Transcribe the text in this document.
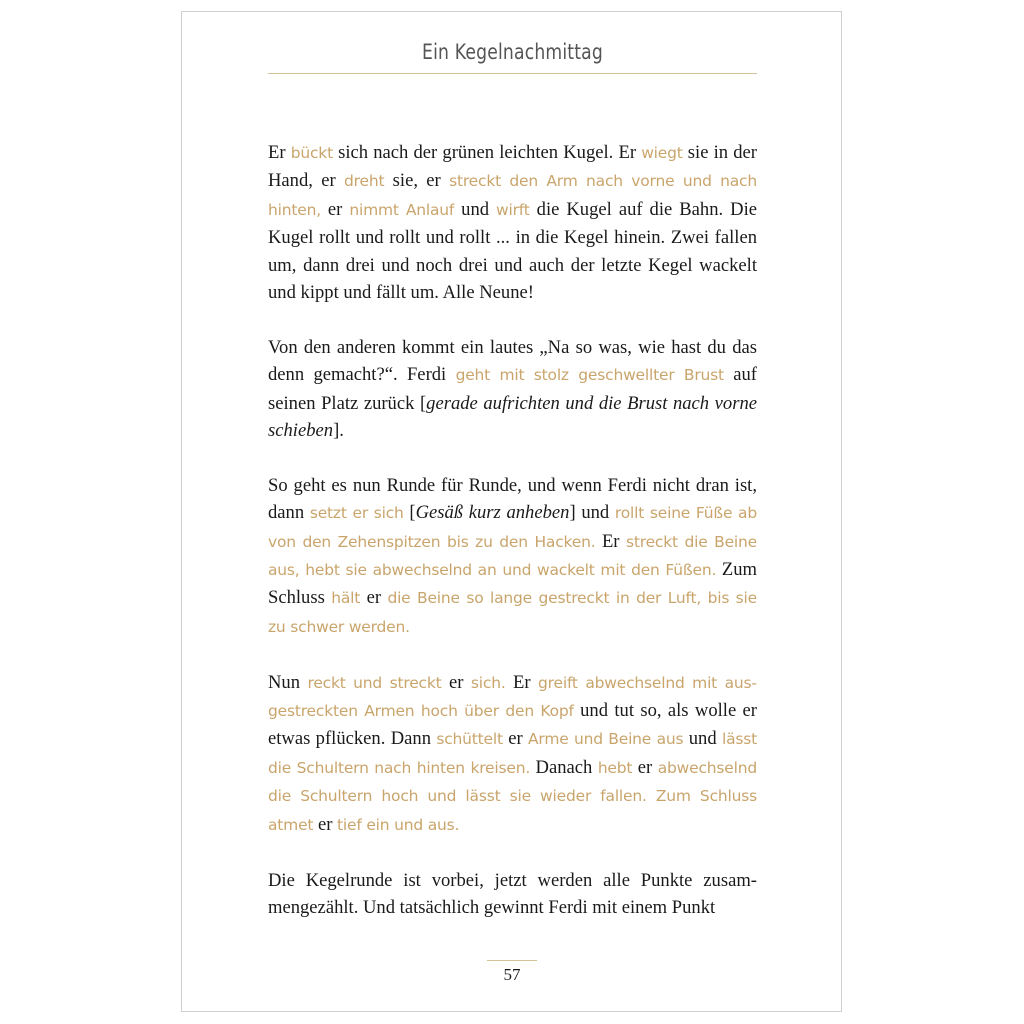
Ein Kegelnachmittag

Er bückt sich nach der grünen leichten Kugel. Er wiegt sie in der Hand, er dreht sie, er streckt den Arm nach vorne und nach hinten, er nimmt Anlauf und wirft die Kugel auf die Bahn. Die Kugel rollt und rollt und rollt ... in die Kegel hinein. Zwei fallen um, dann drei und noch drei und auch der letzte Kegel wackelt und kippt und fällt um. Alle Neune!

Von den anderen kommt ein lautes „Na so was, wie hast du das denn gemacht?“. Ferdi geht mit stolz geschwellter Brust auf seinen Platz zurück [gerade aufrichten und die Brust nach vorne schieben].

So geht es nun Runde für Runde, und wenn Ferdi nicht dran ist, dann setzt er sich [Gesäß kurz anheben] und rollt seine Füße ab von den Zehenspitzen bis zu den Hacken. Er streckt die Beine aus, hebt sie abwechselnd an und wackelt mit den Füßen. Zum Schluss hält er die Beine so lange gestreckt in der Luft, bis sie zu schwer werden.

Nun reckt und streckt er sich. Er greift abwechselnd mit ausgestreckten Armen hoch über den Kopf und tut so, als wolle er etwas pflücken. Dann schüttelt er Arme und Beine aus und lässt die Schultern nach hinten kreisen. Danach hebt er abwechselnd die Schultern hoch und lässt sie wieder fallen. Zum Schluss atmet er tief ein und aus.

Die Kegelrunde ist vorbei, jetzt werden alle Punkte zusammengezählt. Und tatsächlich gewinnt Ferdi mit einem Punkt

57
